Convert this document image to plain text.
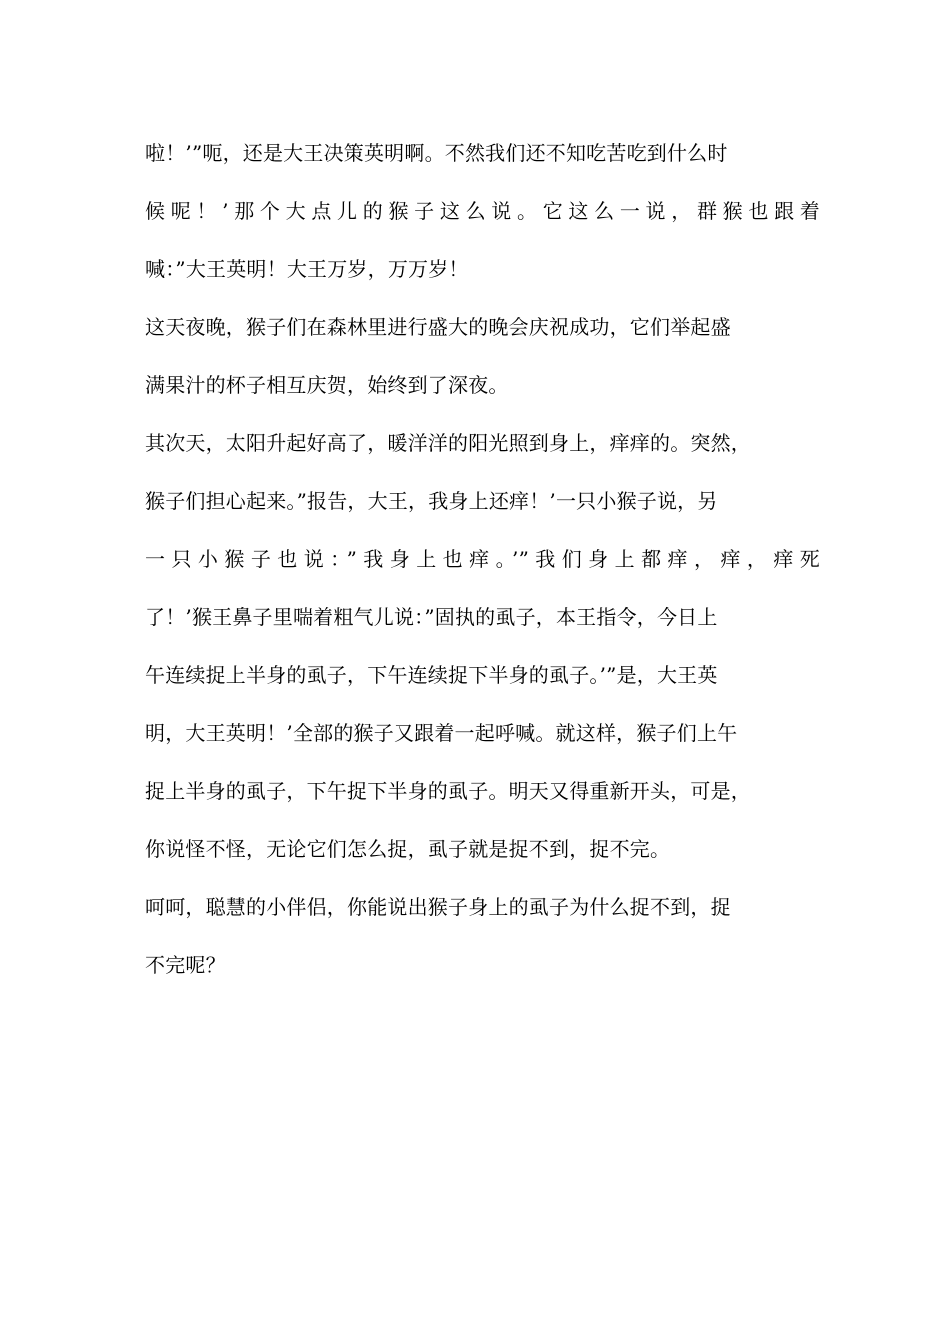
啦！’”呃，还是大王决策英明啊。不然我们还不知吃苦吃到什么时
候呢！’那个大点儿的猴子这么说。它这么一说，群猴也跟着
喊：”大王英明！大王万岁，万万岁！
这天夜晚，猴子们在森林里进行盛大的晚会庆祝成功，它们举起盛
满果汁的杯子相互庆贺，始终到了深夜。
其次天，太阳升起好高了，暖洋洋的阳光照到身上，痒痒的。突然，
猴子们担心起来。”报告，大王，我身上还痒！’一只小猴子说，另
一只小猴子也说：”我身上也痒。’”我们身上都痒，痒，痒死
了！’猴王鼻子里喘着粗气儿说：”固执的虱子，本王指令，今日上
午连续捉上半身的虱子，下午连续捉下半身的虱子。’”是，大王英
明，大王英明！’全部的猴子又跟着一起呼喊。就这样，猴子们上午
捉上半身的虱子，下午捉下半身的虱子。明天又得重新开头，可是，
你说怪不怪，无论它们怎么捉，虱子就是捉不到，捉不完。
呵呵，聪慧的小伴侣，你能说出猴子身上的虱子为什么捉不到，捉
不完呢？
